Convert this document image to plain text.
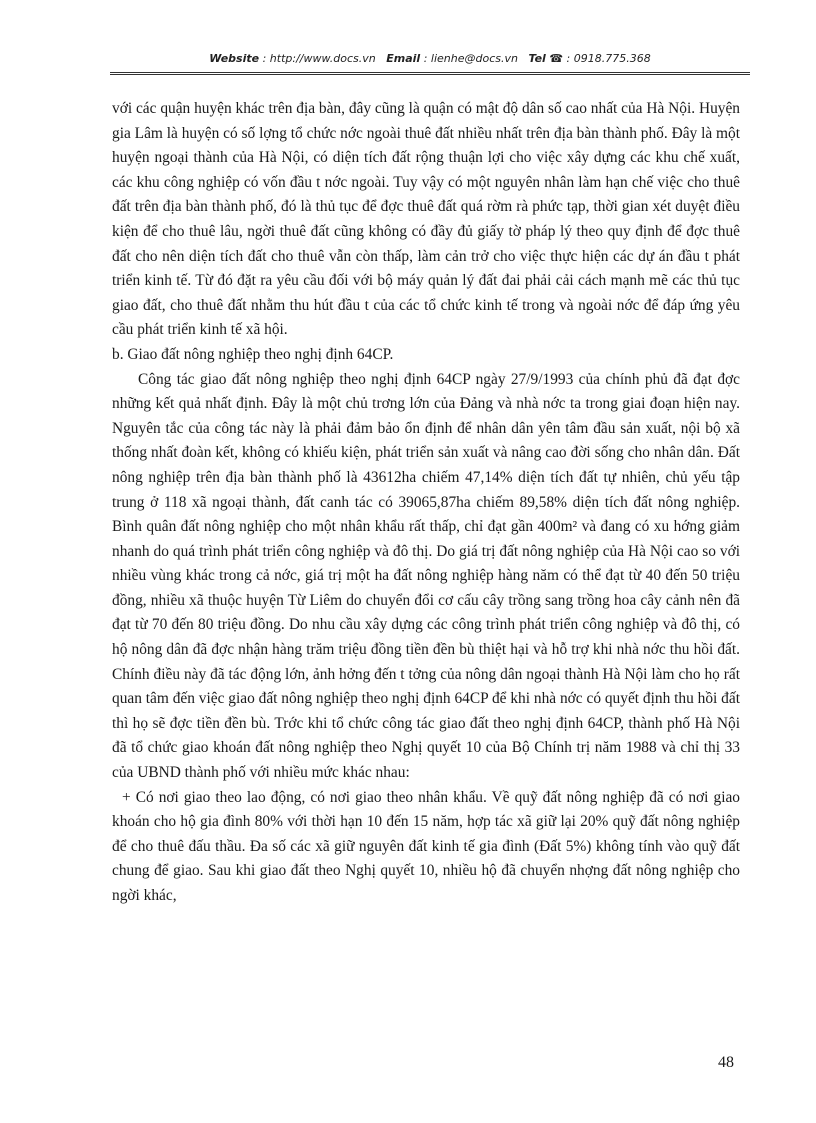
Website : http://www.docs.vn Email : lienhe@docs.vn Tel ☎ : 0918.775.368

với các quận huyện khác trên địa bàn, đây cũng là quận có mật độ dân số cao nhất của Hà Nội. Huyện gia Lâm là huyện có số lợng tổ chức nớc ngoài thuê đất nhiều nhất trên địa bàn thành phố. Đây là một huyện ngoại thành của Hà Nội, có diện tích đất rộng thuận lợi cho việc xây dựng các khu chế xuất, các khu công nghiệp có vốn đầu t nớc ngoài. Tuy vậy có một nguyên nhân làm hạn chế việc cho thuê đất trên địa bàn thành phố, đó là thủ tục để đợc thuê đất quá rờm rà phức tạp, thời gian xét duyệt điều kiện để cho thuê lâu, ngời thuê đất cũng không có đầy đủ giấy tờ pháp lý theo quy định để đợc thuê đất cho nên diện tích đất cho thuê vẫn còn thấp, làm cản trở cho việc thực hiện các dự án đầu t phát triển kinh tế. Từ đó đặt ra yêu cầu đối với bộ máy quản lý đất đai phải cải cách mạnh mẽ các thủ tục giao đất, cho thuê đất nhằm thu hút đầu t của các tổ chức kinh tế trong và ngoài nớc để đáp ứng yêu cầu phát triển kinh tế xã hội.

b. Giao đất nông nghiệp theo nghị định 64CP.

Công tác giao đất nông nghiệp theo nghị định 64CP ngày 27/9/1993 của chính phủ đã đạt đợc những kết quả nhất định. Đây là một chủ trơng lớn của Đảng và nhà nớc ta trong giai đoạn hiện nay. Nguyên tắc của công tác này là phải đảm bảo ổn định để nhân dân yên tâm đầu sản xuất, nội bộ xã thống nhất đoàn kết, không có khiếu kiện, phát triển sản xuất và nâng cao đời sống cho nhân dân. Đất nông nghiệp trên địa bàn thành phố là 43612ha chiếm 47,14% diện tích đất tự nhiên, chủ yếu tập trung ở 118 xã ngoại thành, đất canh tác có 39065,87ha chiếm 89,58% diện tích đất nông nghiệp. Bình quân đất nông nghiệp cho một nhân khẩu rất thấp, chỉ đạt gần 400m² và đang có xu hớng giảm nhanh do quá trình phát triển công nghiệp và đô thị. Do giá trị đất nông nghiệp của Hà Nội cao so với nhiều vùng khác trong cả nớc, giá trị một ha đất nông nghiệp hàng năm có thể đạt từ 40 đến 50 triệu đồng, nhiều xã thuộc huyện Từ Liêm do chuyển đổi cơ cấu cây trồng sang trồng hoa cây cảnh nên đã đạt từ 70 đến 80 triệu đồng. Do nhu cầu xây dựng các công trình phát triển công nghiệp và đô thị, có hộ nông dân đã đợc nhận hàng trăm triệu đồng tiền đền bù thiệt hại và hỗ trợ khi nhà nớc thu hồi đất. Chính điều này đã tác động lớn, ảnh hởng đến t tởng của nông dân ngoại thành Hà Nội làm cho họ rất quan tâm đến việc giao đất nông nghiệp theo nghị định 64CP để khi nhà nớc có quyết định thu hồi đất thì họ sẽ đợc tiền đền bù. Trớc khi tổ chức công tác giao đất theo nghị định 64CP, thành phố Hà Nội đã tổ chức giao khoán đất nông nghiệp theo Nghị quyết 10 của Bộ Chính trị năm 1988 và chỉ thị 33 của UBND thành phố với nhiều mức khác nhau:

+ Có nơi giao theo lao động, có nơi giao theo nhân khẩu. Về quỹ đất nông nghiệp đã có nơi giao khoán cho hộ gia đình 80% với thời hạn 10 đến 15 năm, hợp tác xã giữ lại 20% quỹ đất nông nghiệp để cho thuê đấu thầu. Đa số các xã giữ nguyên đất kinh tế gia đình (Đất 5%) không tính vào quỹ đất chung để giao. Sau khi giao đất theo Nghị quyết 10, nhiều hộ đã chuyển nhợng đất nông nghiệp cho ngời khác,

48
